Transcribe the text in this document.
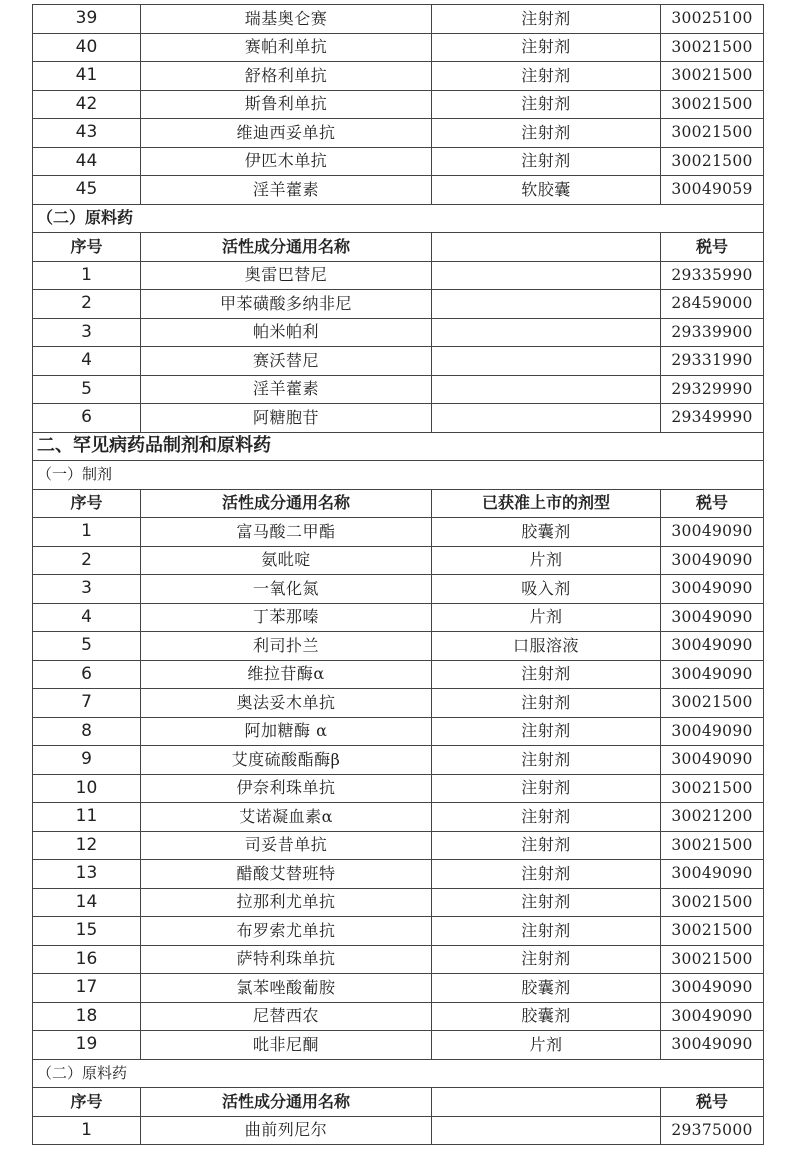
39	瑞基奥仑赛	注射剂	30025100
40	赛帕利单抗	注射剂	30021500
41	舒格利单抗	注射剂	30021500
42	斯鲁利单抗	注射剂	30021500
43	维迪西妥单抗	注射剂	30021500
44	伊匹木单抗	注射剂	30021500
45	淫羊藿素	软胶囊	30049059
（二）原料药			
序号	活性成分通用名称		税号
1	奥雷巴替尼		29335990
2	甲苯磺酸多纳非尼		28459000
3	帕米帕利		29339900
4	赛沃替尼		29331990
5	淫羊藿素		29329990
6	阿糖胞苷		29349990
二、罕见病药品制剂和原料药			
（一）制剂			
序号	活性成分通用名称	已获准上市的剂型	税号
1	富马酸二甲酯	胶囊剂	30049090
2	氨吡啶	片剂	30049090
3	一氧化氮	吸入剂	30049090
4	丁苯那嗪	片剂	30049090
5	利司扑兰	口服溶液	30049090
6	维拉苷酶α	注射剂	30049090
7	奥法妥木单抗	注射剂	30021500
8	阿加糖酶 α	注射剂	30049090
9	艾度硫酸酯酶β	注射剂	30049090
10	伊奈利珠单抗	注射剂	30021500
11	艾诺凝血素α	注射剂	30021200
12	司妥昔单抗	注射剂	30021500
13	醋酸艾替班特	注射剂	30049090
14	拉那利尤单抗	注射剂	30021500
15	布罗索尤单抗	注射剂	30021500
16	萨特利珠单抗	注射剂	30021500
17	氯苯唑酸葡胺	胶囊剂	30049090
18	尼替西农	胶囊剂	30049090
19	吡非尼酮	片剂	30049090
（二）原料药			
序号	活性成分通用名称		税号
1	曲前列尼尔		29375000
